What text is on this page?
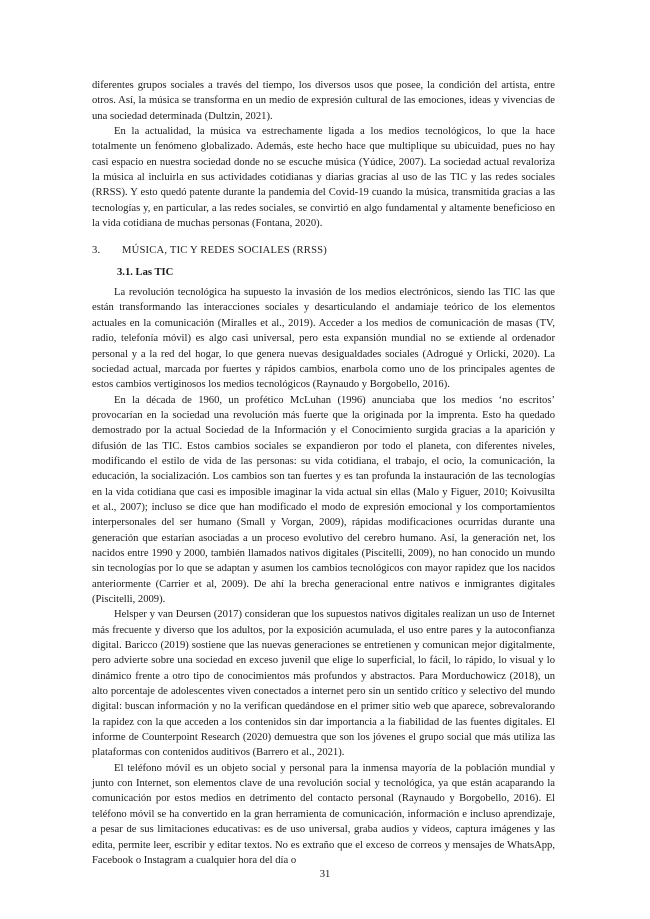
diferentes grupos sociales a través del tiempo, los diversos usos que posee, la condición del artista, entre otros. Así, la música se transforma en un medio de expresión cultural de las emociones, ideas y vivencias de una sociedad determinada (Dultzin, 2021).

En la actualidad, la música va estrechamente ligada a los medios tecnológicos, lo que la hace totalmente un fenómeno globalizado. Además, este hecho hace que multiplique su ubicuidad, pues no hay casi espacio en nuestra sociedad donde no se escuche música (Yúdice, 2007). La sociedad actual revaloriza la música al incluirla en sus actividades cotidianas y diarias gracias al uso de las TIC y las redes sociales (RRSS). Y esto quedó patente durante la pandemia del Covid-19 cuando la música, transmitida gracias a las tecnologías y, en particular, a las redes sociales, se convirtió en algo fundamental y altamente beneficioso en la vida cotidiana de muchas personas (Fontana, 2020).

3. MÚSICA, TIC Y REDES SOCIALES (RRSS)
3.1. Las TIC

La revolución tecnológica ha supuesto la invasión de los medios electrónicos, siendo las TIC las que están transformando las interacciones sociales y desarticulando el andamiaje teórico de los elementos actuales en la comunicación (Miralles et al., 2019). Acceder a los medios de comunicación de masas (TV, radio, telefonía móvil) es algo casi universal, pero esta expansión mundial no se extiende al ordenador personal y a la red del hogar, lo que genera nuevas desigualdades sociales (Adrogué y Orlicki, 2020). La sociedad actual, marcada por fuertes y rápidos cambios, enarbola como uno de los principales agentes de estos cambios vertiginosos los medios tecnológicos (Raynaudo y Borgobello, 2016).

En la década de 1960, un profético McLuhan (1996) anunciaba que los medios ‘no escritos’ provocarían en la sociedad una revolución más fuerte que la originada por la imprenta. Esto ha quedado demostrado por la actual Sociedad de la Información y el Conocimiento surgida gracias a la aparición y difusión de las TIC. Estos cambios sociales se expandieron por todo el planeta, con diferentes niveles, modificando el estilo de vida de las personas: su vida cotidiana, el trabajo, el ocio, la comunicación, la educación, la socialización. Los cambios son tan fuertes y es tan profunda la instauración de las tecnologías en la vida cotidiana que casi es imposible imaginar la vida actual sin ellas (Malo y Figuer, 2010; Koivusilta et al., 2007); incluso se dice que han modificado el modo de expresión emocional y los comportamientos interpersonales del ser humano (Small y Vorgan, 2009), rápidas modificaciones ocurridas durante una generación que estarían asociadas a un proceso evolutivo del cerebro humano. Así, la generación net, los nacidos entre 1990 y 2000, también llamados nativos digitales (Piscitelli, 2009), no han conocido un mundo sin tecnologías por lo que se adaptan y asumen los cambios tecnológicos con mayor rapidez que los nacidos anteriormente (Carrier et al, 2009). De ahí la brecha generacional entre nativos e inmigrantes digitales (Piscitelli, 2009).

Helsper y van Deursen (2017) consideran que los supuestos nativos digitales realizan un uso de Internet más frecuente y diverso que los adultos, por la exposición acumulada, el uso entre pares y la autoconfianza digital. Baricco (2019) sostiene que las nuevas generaciones se entretienen y comunican mejor digitalmente, pero advierte sobre una sociedad en exceso juvenil que elige lo superficial, lo fácil, lo rápido, lo visual y lo dinámico frente a otro tipo de conocimientos más profundos y abstractos. Para Morduchowicz (2018), un alto porcentaje de adolescentes viven conectados a internet pero sin un sentido crítico y selectivo del mundo digital: buscan información y no la verifican quedándose en el primer sitio web que aparece, sobrevalorando la rapidez con la que acceden a los contenidos sin dar importancia a la fiabilidad de las fuentes digitales. El informe de Counterpoint Research (2020) demuestra que son los jóvenes el grupo social que más utiliza las plataformas con contenidos auditivos (Barrero et al., 2021).

El teléfono móvil es un objeto social y personal para la inmensa mayoría de la población mundial y junto con Internet, son elementos clave de una revolución social y tecnológica, ya que están acaparando la comunicación por estos medios en detrimento del contacto personal (Raynaudo y Borgobello, 2016). El teléfono móvil se ha convertido en la gran herramienta de comunicación, información e incluso aprendizaje, a pesar de sus limitaciones educativas: es de uso universal, graba audios y vídeos, captura imágenes y las edita, permite leer, escribir y editar textos. No es extraño que el exceso de correos y mensajes de WhatsApp, Facebook o Instagram a cualquier hora del día o

31
